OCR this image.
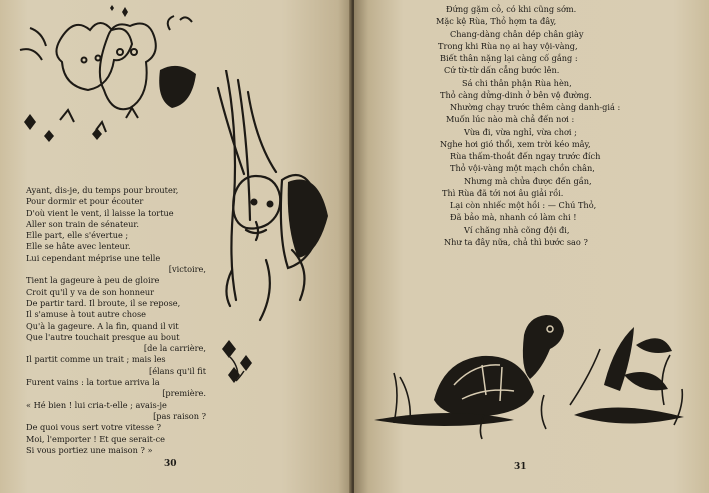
Ayant, dis-je, du temps pour brouter,
Pour dormir et pour écouter
D'où vient le vent, il laisse la tortue
Aller son train de sénateur.
Elle part, elle s'évertue ;
Elle se hâte avec lenteur.
Lui cependant méprise une telle
[victoire,
Tient la gageure à peu de gloire
Croit qu'il y va de son honneur
De partir tard. Il broute, il se repose,
Il s'amuse à tout autre chose
Qu'à la gageure. A la fin, quand il vit
Que l'autre touchait presque au bout
[de la carrière,
Il partit comme un trait ; mais les
[élans qu'il fit
Furent vains : la tortue arriva la
[première.
« Hé bien ! lui cria-t-elle ; avais-je
[pas raison ?
De quoi vous sert votre vitesse ?
Moi, l'emporter ! Et que serait-ce
Si vous portiez une maison ? »
30
Đứng gặm cỏ, có khi cũng sớm.
Mặc kệ Rùa, Thỏ hợm ta đây,
Chang-dàng chân dép chân giày
Trong khi Rùa nọ ai hay vội-vàng,
Biết thân nặng lại càng cố gắng :
Cứ từ-từ dấn cẳng bước lên.
Sá chi thân phận Rùa hèn,
Thỏ càng dửng-dinh ở bên vệ đường.
Nhường chạy trước thêm càng danh-giá :
Muốn lúc nào mà chả đến nơi :
Vừa đi, vừa nghỉ, vừa chơi ;
Nghe hơi gió thổi, xem trời kéo mây,
Rùa thấm-thoắt đến ngay trước đích
Thỏ vội-vàng một mạch chồn chân,
Nhưng mà chửa được đến gần,
Thì Rùa đã tới nơi âu giải rồi.
Lại còn nhiếc một hồi : — Chú Thỏ,
Đã bảo mà, nhanh có làm chi !
Ví chăng nhà cõng đội đi,
Như ta đây nữa, chả thì bước sao ?
31
